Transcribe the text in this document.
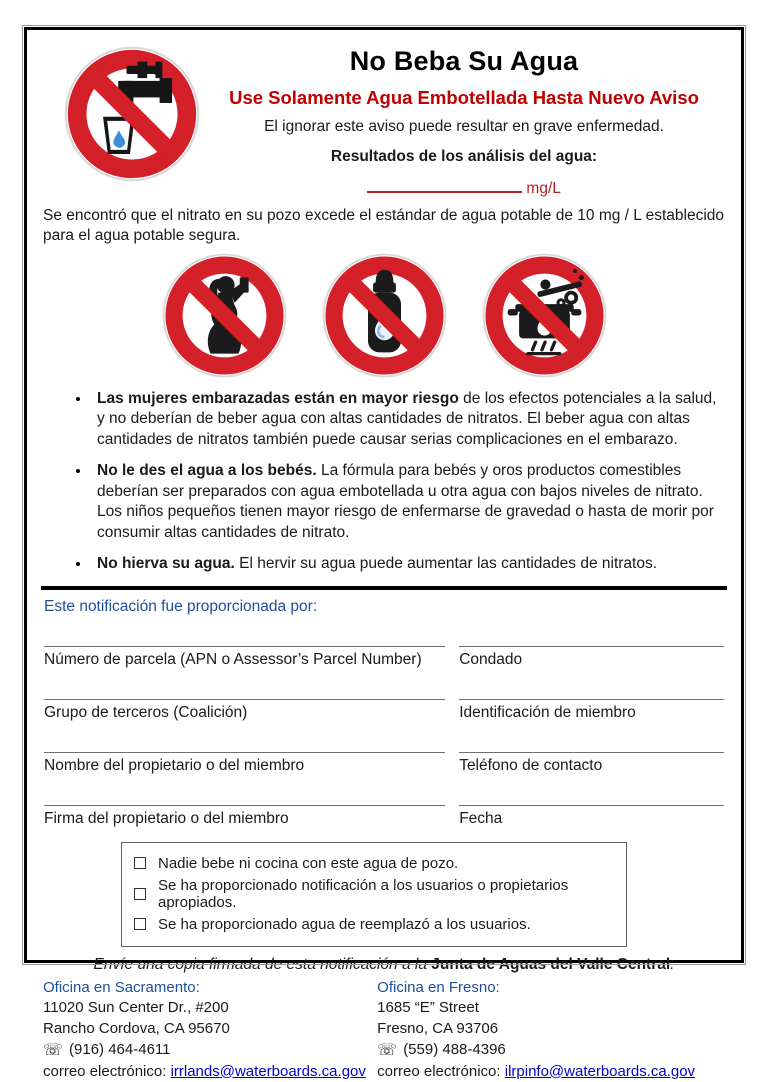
No Beba Su Agua
Use Solamente Agua Embotellada Hasta Nuevo Aviso
El ignorar este aviso puede resultar en grave enfermedad.
Resultados de los análisis del agua:
mg/L

Se encontró que el nitrato en su pozo excede el estándar de agua potable de 10 mg / L establecido para el agua potable segura.

• Las mujeres embarazadas están en mayor riesgo de los efectos potenciales a la salud, y no deberían de beber agua con altas cantidades de nitratos. El beber agua con altas cantidades de nitratos también puede causar serias complicaciones en el embarazo.
• No le des el agua a los bebés. La fórmula para bebés y oros productos comestibles deberían ser preparados con agua embotellada u otra agua con bajos niveles de nitrato. Los niños pequeños tienen mayor riesgo de enfermarse de gravedad o hasta de morir por consumir altas cantidades de nitrato.
• No hierva su agua. El hervir su agua puede aumentar las cantidades de nitratos.
Este notificación fue proporcionada por:
Número de parcela (APN o Assessor’s Parcel Number)	Condado
Grupo de terceros (Coalición)	Identificación de miembro
Nombre del propietario o del miembro	Teléfono de contacto
Firma del propietario o del miembro	Fecha
Nadie bebe ni cocina con este agua de pozo.
Se ha proporcionado notificación a los usuarios o propietarios apropiados.
Se ha proporcionado agua de reemplazó a los usuarios.
Envíe una copia firmada de esta notificación a la Junta de Aguas del Valle Central:
Oficina en Sacramento:
11020 Sun Center Dr., #200
Rancho Cordova, CA 95670
☏ (916) 464-4611
correo electrónico: irrlands@waterboards.ca.gov
Oficina en Fresno:
1685 “E” Street
Fresno, CA 93706
☏ (559) 488-4396
correo electrónico: ilrpinfo@waterboards.ca.gov
